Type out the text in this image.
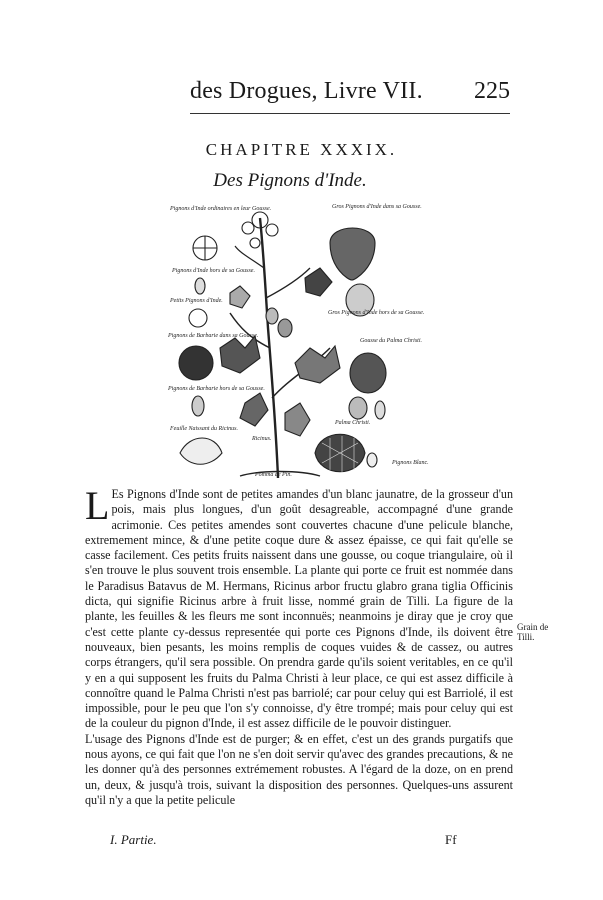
des Drogues, Livre VII. 225
CHAPITRE XXXIX.
Des Pignons d'Inde.
Pignons d'Inde ordinaires en leur Gousse.
Pignons d'Inde hors de sa Gousse.
Petits Pignons d'Inde.
Pignons de Barbarie dans sa Gousse.
Pignons de Barbarie hors de sa Gousse.
Feuille Naissant du Ricinus.
Gros Pignons d'Inde dans sa Gousse.
Gros Pignons d'Inde hors de sa Gousse.
Gousse du Palma Christi.
Palma Christi.
Pignons Blanc.
Ricinus.
Pomma de Pin.

L Es Pignons d'Inde sont de petites amandes d'un blanc jaunatre, de la grosseur d'un pois, mais plus longues, d'un goût desagreable, accompagné d'une grande acrimonie. Ces petites amendes sont couvertes chacune d'une pelicule blanche, extremement mince, & d'une petite coque dure & assez épaisse, ce qui fait qu'elle se casse facilement. Ces petits fruits naissent dans une gousse, ou coque triangulaire, où il s'en trouve le plus souvent trois ensemble. La plante qui porte ce fruit est nommée dans le Paradisus Batavus de M. Hermans, Ricinus arbor fructu glabro grana tiglia Officinis dicta, qui signifie Ricinus arbre à fruit lisse, nommé grain de Tilli. La figure de la plante, les feuilles & les fleurs me sont inconnuës; neanmoins je diray que je croy que c'est cette plante cy-dessus representée qui porte ces Pignons d'Inde, ils doivent être nouveaux, bien pesants, les moins remplis de coques vuides & de cassez, ou autres corps étrangers, qu'il sera possible. On prendra garde qu'ils soient veritables, en ce qu'il y en a qui supposent les fruits du Palma Christi à leur place, ce qui est assez difficile à connoître quand le Palma Christi n'est pas barriolé; car pour celuy qui est Barriolé, il est impossible, pour le peu que l'on s'y connoisse, d'y être trompé; mais pour celuy qui est de la couleur du pignon d'Inde, il est assez difficile de le pouvoir distinguer.

L'usage des Pignons d'Inde est de purger; & en effet, c'est un des grands purgatifs que nous ayons, ce qui fait que l'on ne s'en doit servir qu'avec des grandes precautions, & ne les donner qu'à des personnes extrémement robustes. A l'égard de la doze, on en prend un, deux, & jusqu'à trois, suivant la disposition des personnes. Quelques-uns assurent qu'il n'y a que la petite pelicule

Grain de Tilli.
I. Partie.	Ff
